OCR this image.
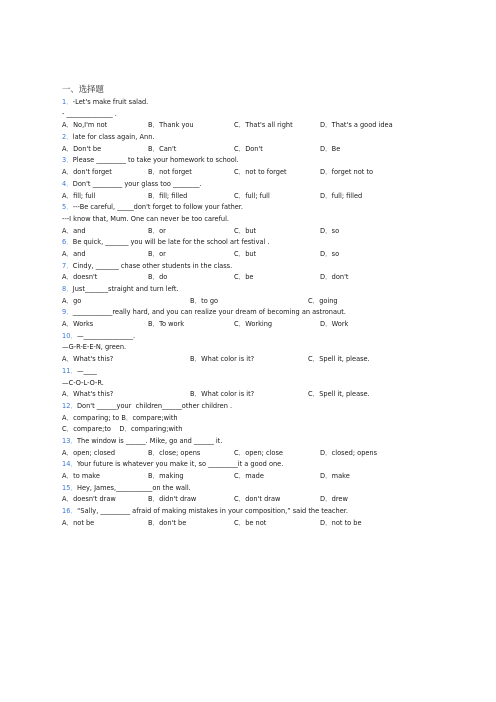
一、选择题
1．-Let's make fruit salad.
- ______________ .
A．No,I'm not	B．Thank you	C．That's all right	D．That's a good idea
2．late for class again, Ann.
A．Don't be	B．Can't	C．Don't	D．Be
3．Please _________ to take your homework to school.
A．don't forget	B．not forget	C．not to forget	D．forget not to
4．Don't _________ your glass too ________.
A．fill; full	B．fill; filled	C．full; full	D．full; filled
5．---Be careful, _____don't forget to follow your father.
---I know that, Mum. One can never be too careful.
A．and	B．or	C．but	D．so
6．Be quick, _______ you will be late for the school art festival .
A．and	B．or	C．but	D．so
7．Cindy, _______ chase other students in the class.
A．doesn't	B．do	C．be	D．don't
8．Just_______straight and turn left.
A．go	B．to go	C．going
9．____________really hard, and you can realize your dream of becoming an astronaut.
A．Works	B．To work	C．Working	D．Work
10．—_______________.
—G-R-E-E-N, green.
A．What's this?	B．What color is it?	C．Spell it, please.
11．—____
—C-O-L-O-R.
A．What's this?	B．What color is it?	C．Spell it, please.
12．Don't ______your  children______other children .
A．comparing; to B．compare;with
C．compare;to    D．comparing;with
13．The window is ______. Mike, go and ______ it.
A．open; closed	B．close; opens	C．open; close	D．closed; opens
14．Your future is whatever you make it, so _________it a good one.
A．to make	B．making	C．made	D．make
15．Hey, James,___________on the wall.
A．doesn't draw	B．didn't draw	C．don't draw	D．drew
16．“Sally, _________ afraid of making mistakes in your composition,” said the teacher.
A．not be	B．don't be	C．be not	D．not to be
